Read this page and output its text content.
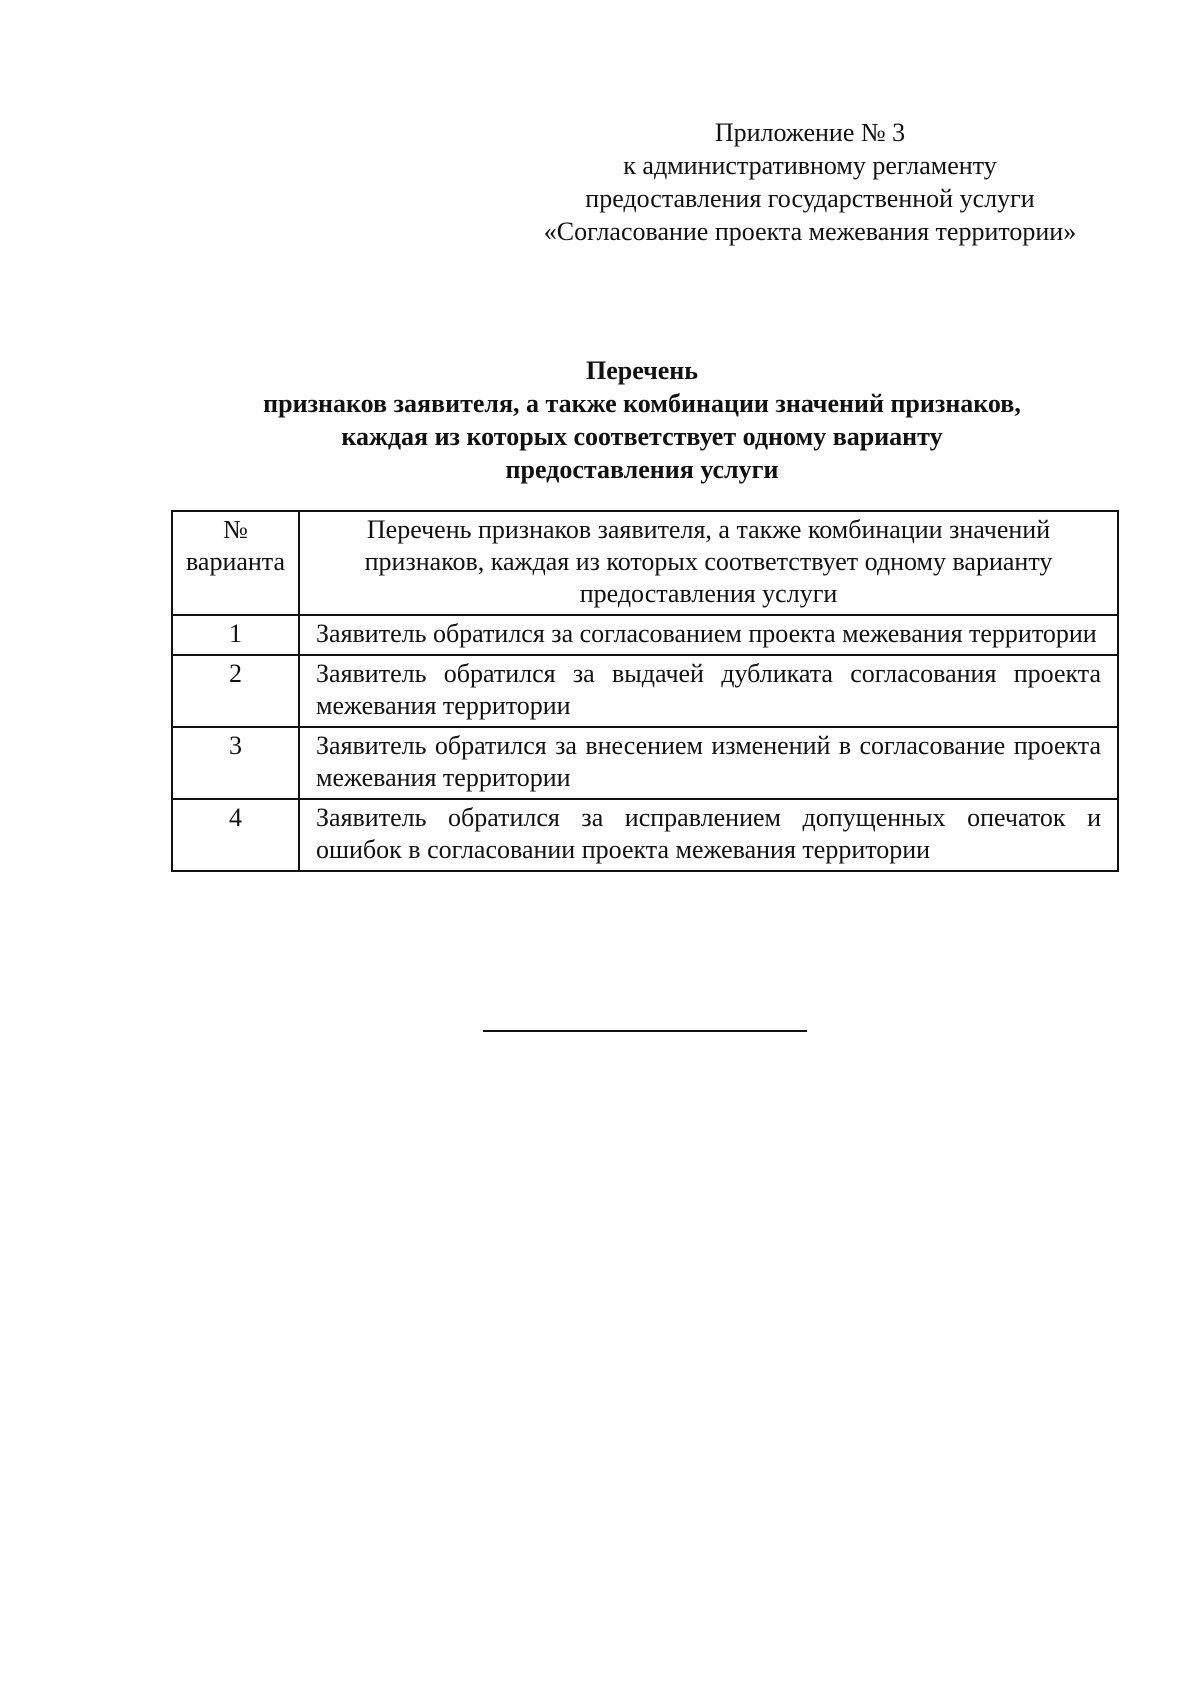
Приложение № 3
к административному регламенту
предоставления государственной услуги
«Согласование проекта межевания территории»
Перечень
признаков заявителя, а также комбинации значений признаков,
каждая из которых соответствует одному варианту
предоставления услуги
№
варианта	Перечень признаков заявителя, а также комбинации значений признаков, каждая из которых соответствует одному варианту предоставления услуги
1	Заявитель обратился за согласованием проекта межевания территории
2	Заявитель обратился за выдачей дубликата согласования проекта межевания территории
3	Заявитель обратился за внесением изменений в согласование проекта межевания территории
4	Заявитель обратился за исправлением допущенных опечаток и ошибок в согласовании проекта межевания территории
